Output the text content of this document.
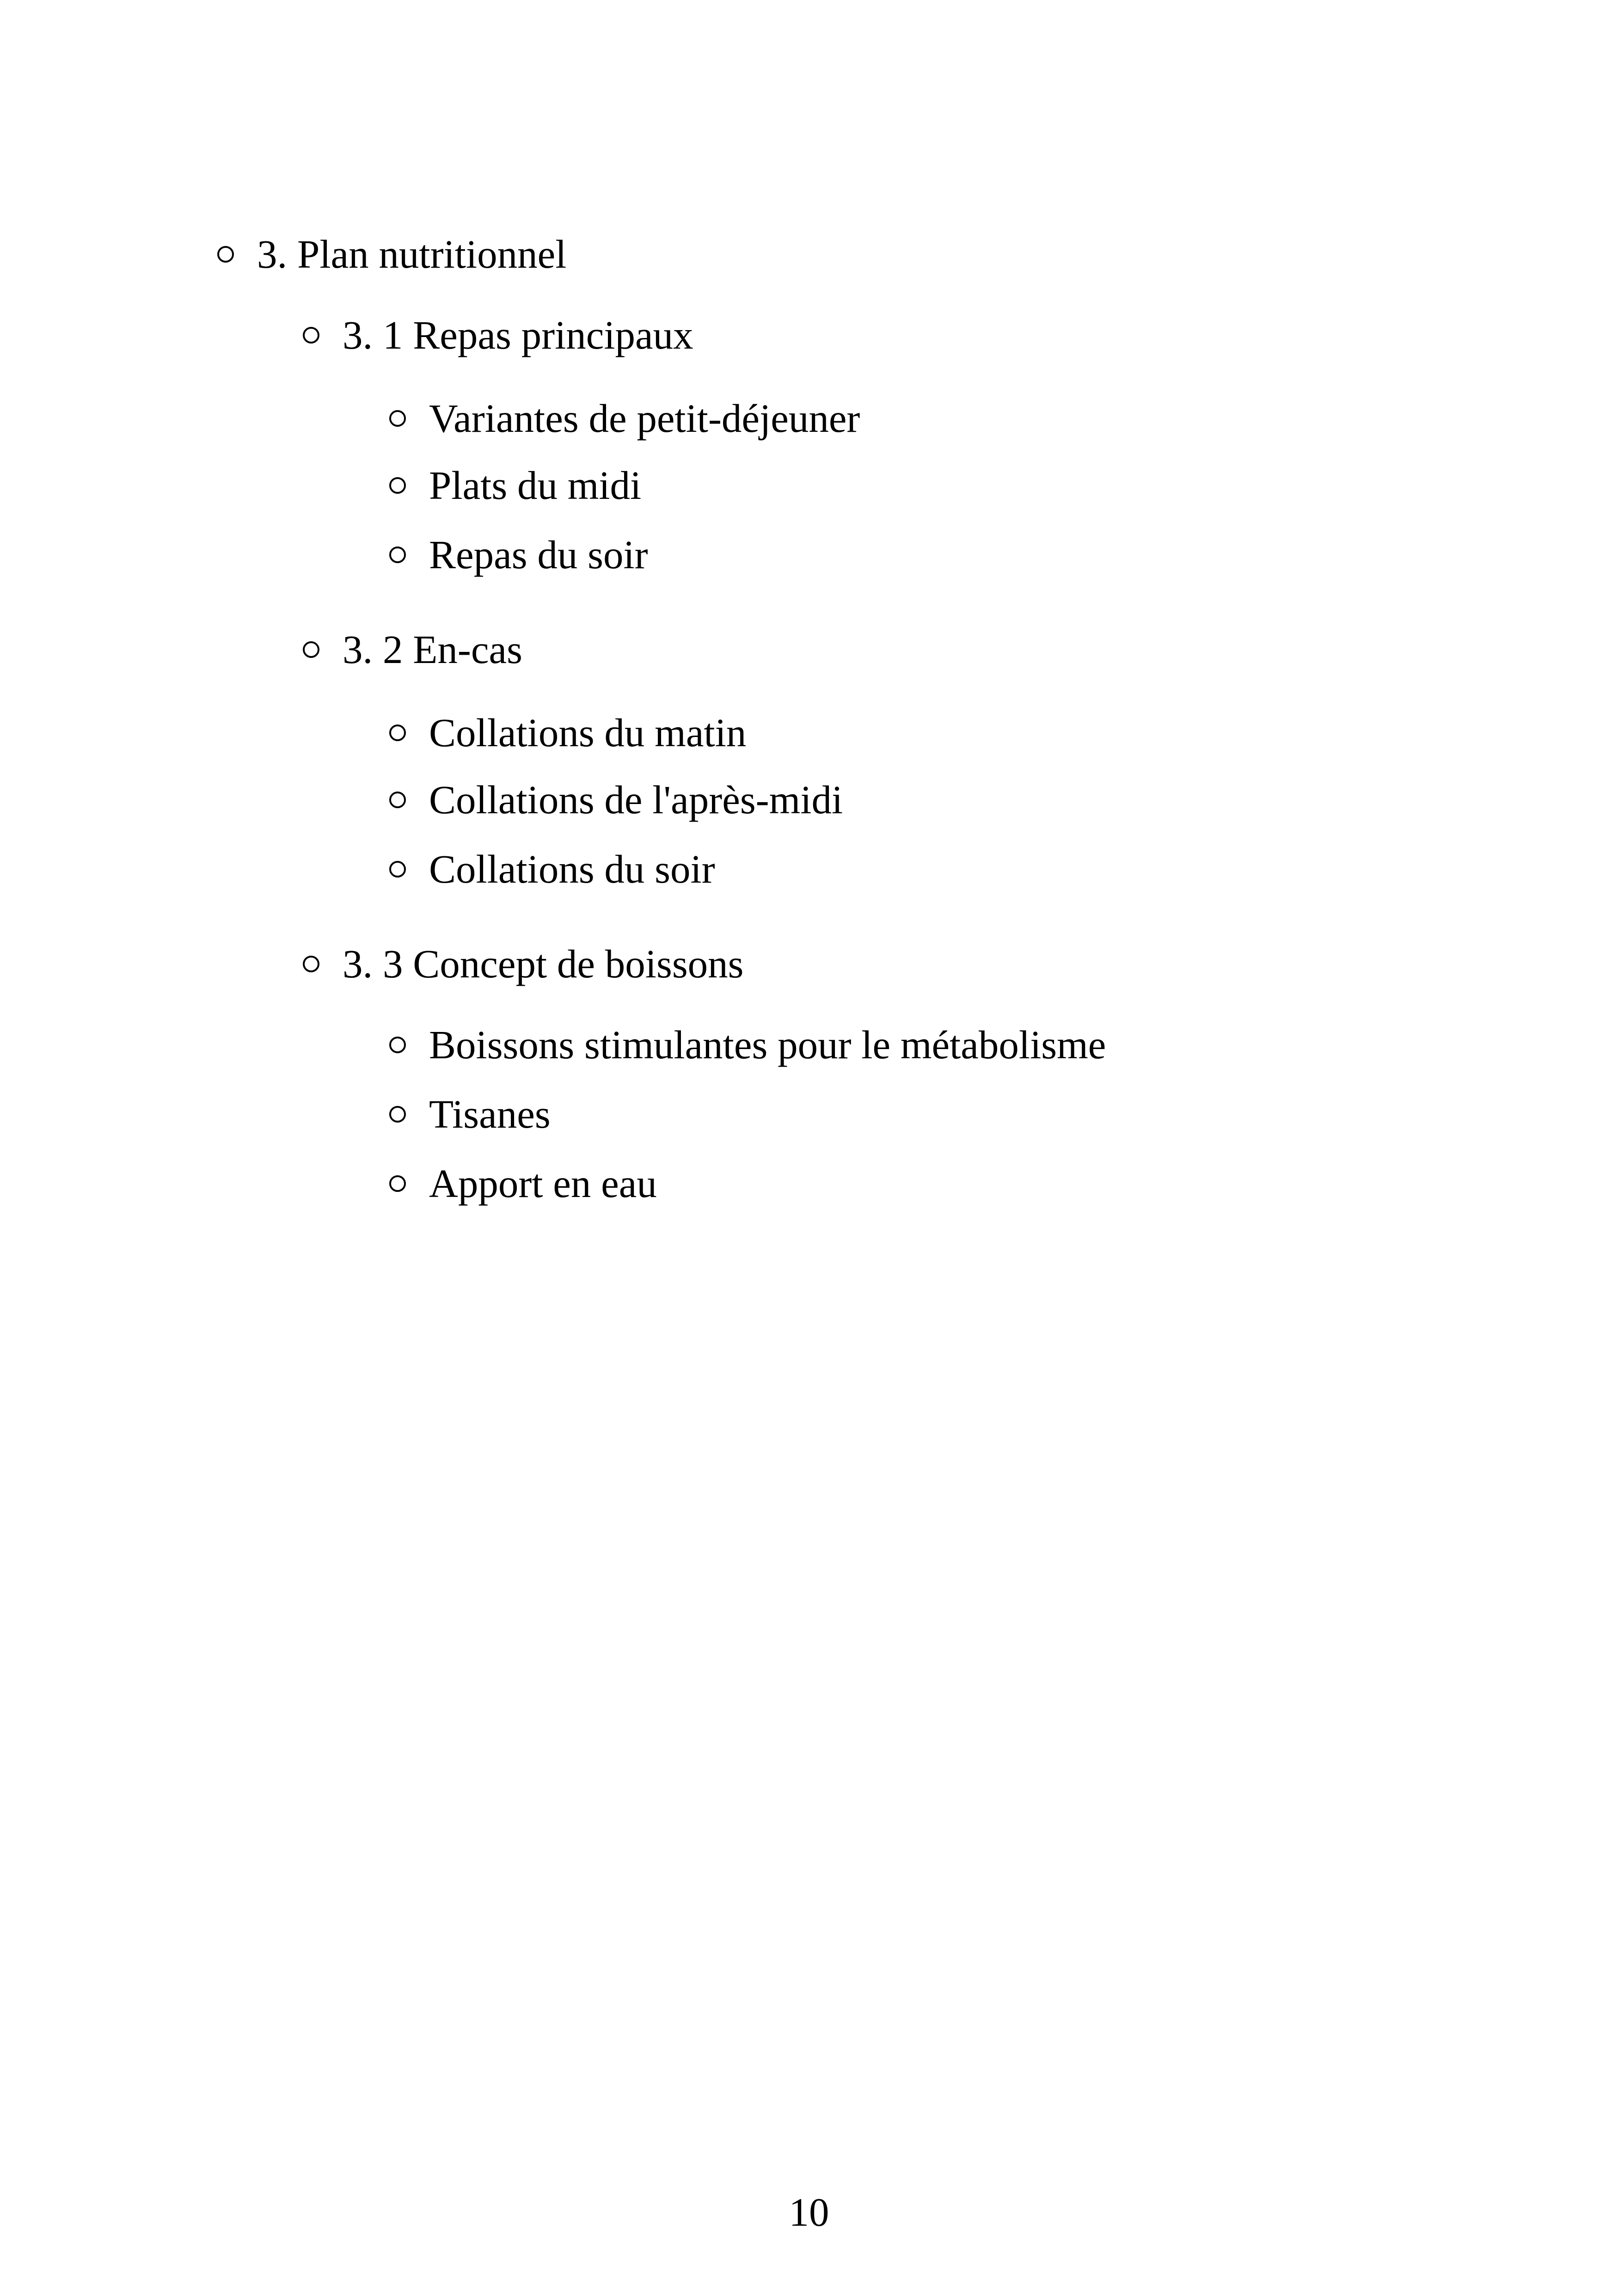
3. Plan nutritionnel
3. 1 Repas principaux
Variantes de petit-déjeuner
Plats du midi
Repas du soir
3. 2 En-cas
Collations du matin
Collations de l'après-midi
Collations du soir
3. 3 Concept de boissons
Boissons stimulantes pour le métabolisme
Tisanes
Apport en eau
10
